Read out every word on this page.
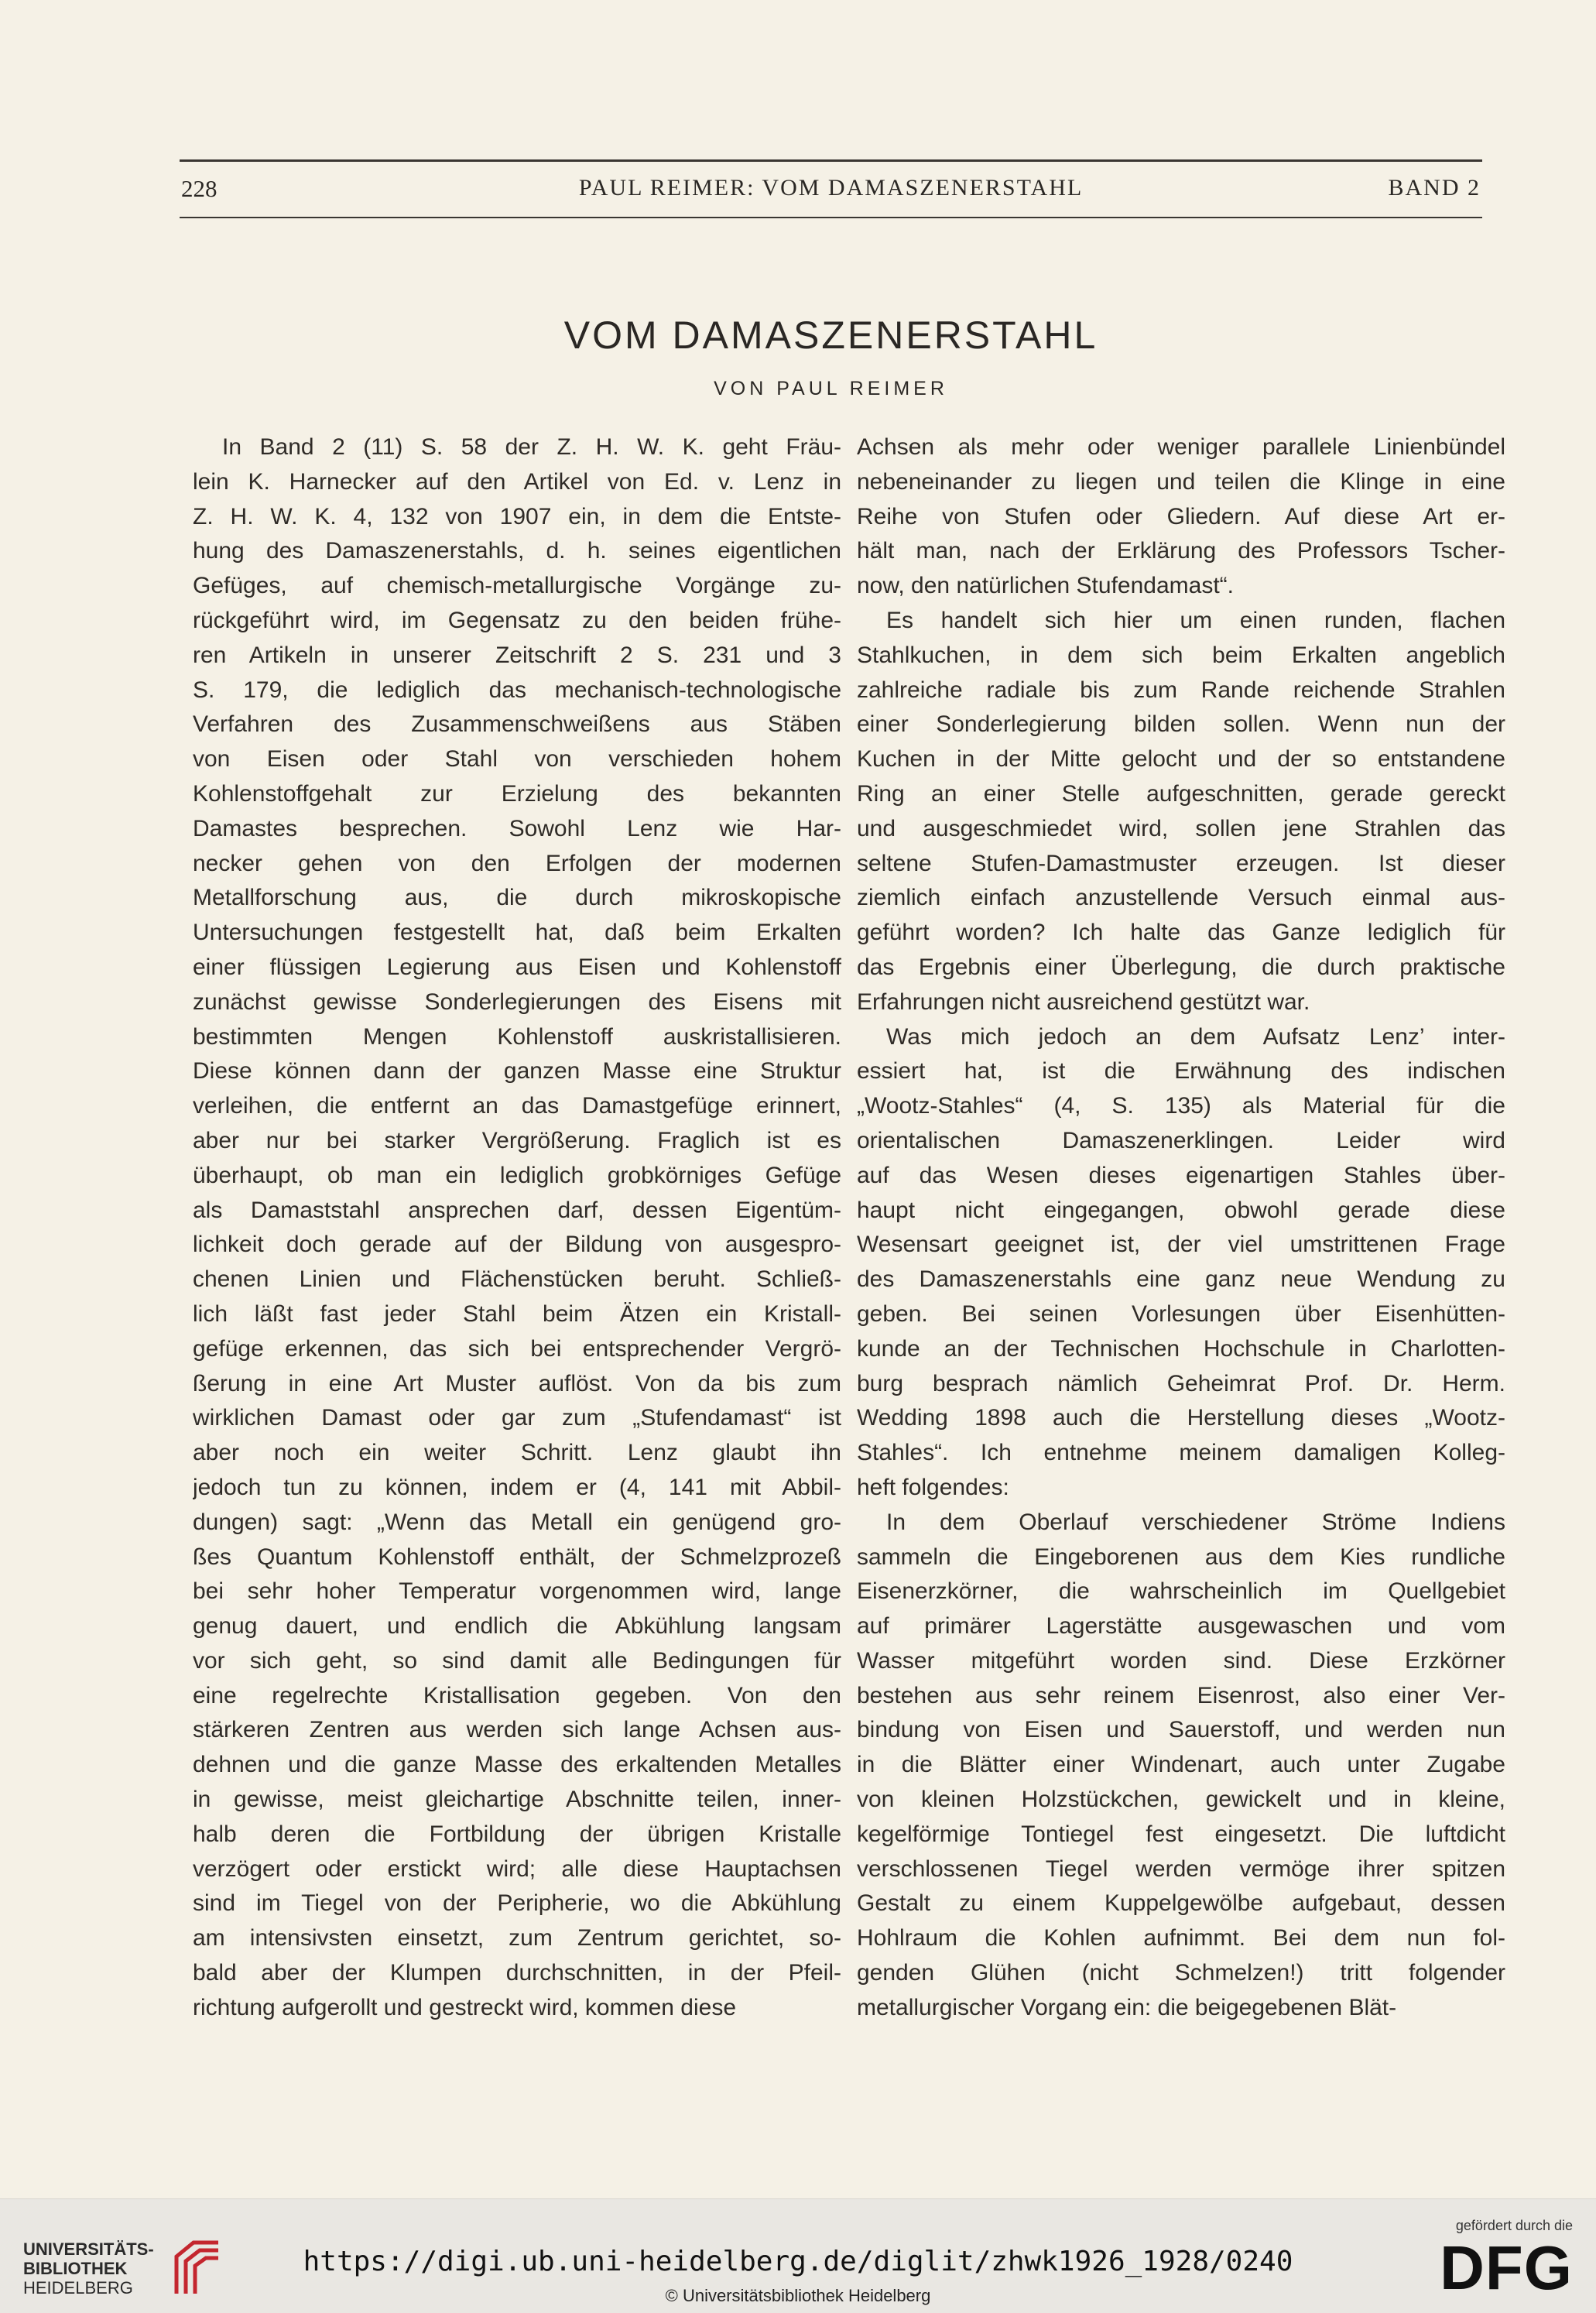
228	PAUL REIMER: VOM DAMASZENERSTAHL	BAND 2
VOM DAMASZENERSTAHL
VON PAUL REIMER
In Band 2 (11) S. 58 der Z. H. W. K. geht Fräu-
lein K. Harnecker auf den Artikel von Ed. v. Lenz in
Z. H. W. K. 4, 132 von 1907 ein, in dem die Entste-
hung des Damaszenerstahls, d. h. seines eigentlichen
Gefüges, auf chemisch-metallurgische Vorgänge zu-
rückgeführt wird, im Gegensatz zu den beiden frühe-
ren Artikeln in unserer Zeitschrift 2 S. 231 und 3
S. 179, die lediglich das mechanisch-technologische
Verfahren des Zusammenschweißens aus Stäben
von Eisen oder Stahl von verschieden hohem
Kohlenstoffgehalt zur Erzielung des bekannten
Damastes besprechen. Sowohl Lenz wie Har-
necker gehen von den Erfolgen der modernen
Metallforschung aus, die durch mikroskopische
Untersuchungen festgestellt hat, daß beim Erkalten
einer flüssigen Legierung aus Eisen und Kohlenstoff
zunächst gewisse Sonderlegierungen des Eisens mit
bestimmten Mengen Kohlenstoff auskristallisieren.
Diese können dann der ganzen Masse eine Struktur
verleihen, die entfernt an das Damastgefüge erinnert,
aber nur bei starker Vergrößerung. Fraglich ist es
überhaupt, ob man ein lediglich grobkörniges Gefüge
als Damaststahl ansprechen darf, dessen Eigentüm-
lichkeit doch gerade auf der Bildung von ausgespro-
chenen Linien und Flächenstücken beruht. Schließ-
lich läßt fast jeder Stahl beim Ätzen ein Kristall-
gefüge erkennen, das sich bei entsprechender Vergrö-
ßerung in eine Art Muster auflöst. Von da bis zum
wirklichen Damast oder gar zum „Stufendamast“ ist
aber noch ein weiter Schritt. Lenz glaubt ihn
jedoch tun zu können, indem er (4, 141 mit Abbil-
dungen) sagt: „Wenn das Metall ein genügend gro-
ßes Quantum Kohlenstoff enthält, der Schmelzprozeß
bei sehr hoher Temperatur vorgenommen wird, lange
genug dauert, und endlich die Abkühlung langsam
vor sich geht, so sind damit alle Bedingungen für
eine regelrechte Kristallisation gegeben. Von den
stärkeren Zentren aus werden sich lange Achsen aus-
dehnen und die ganze Masse des erkaltenden Metalles
in gewisse, meist gleichartige Abschnitte teilen, inner-
halb deren die Fortbildung der übrigen Kristalle
verzögert oder erstickt wird; alle diese Hauptachsen
sind im Tiegel von der Peripherie, wo die Abkühlung
am intensivsten einsetzt, zum Zentrum gerichtet, so-
bald aber der Klumpen durchschnitten, in der Pfeil-
richtung aufgerollt und gestreckt wird, kommen diese
Achsen als mehr oder weniger parallele Linienbündel
nebeneinander zu liegen und teilen die Klinge in eine
Reihe von Stufen oder Gliedern. Auf diese Art er-
hält man, nach der Erklärung des Professors Tscher-
now, den natürlichen Stufendamast“.
Es handelt sich hier um einen runden, flachen
Stahlkuchen, in dem sich beim Erkalten angeblich
zahlreiche radiale bis zum Rande reichende Strahlen
einer Sonderlegierung bilden sollen. Wenn nun der
Kuchen in der Mitte gelocht und der so entstandene
Ring an einer Stelle aufgeschnitten, gerade gereckt
und ausgeschmiedet wird, sollen jene Strahlen das
seltene Stufen-Damastmuster erzeugen. Ist dieser
ziemlich einfach anzustellende Versuch einmal aus-
geführt worden? Ich halte das Ganze lediglich für
das Ergebnis einer Überlegung, die durch praktische
Erfahrungen nicht ausreichend gestützt war.
Was mich jedoch an dem Aufsatz Lenz’ inter-
essiert hat, ist die Erwähnung des indischen
„Wootz-Stahles“ (4, S. 135) als Material für die
orientalischen Damaszenerklingen. Leider wird
auf das Wesen dieses eigenartigen Stahles über-
haupt nicht eingegangen, obwohl gerade diese
Wesensart geeignet ist, der viel umstrittenen Frage
des Damaszenerstahls eine ganz neue Wendung zu
geben. Bei seinen Vorlesungen über Eisenhütten-
kunde an der Technischen Hochschule in Charlotten-
burg besprach nämlich Geheimrat Prof. Dr. Herm.
Wedding 1898 auch die Herstellung dieses „Wootz-
Stahles“. Ich entnehme meinem damaligen Kolleg-
heft folgendes:
In dem Oberlauf verschiedener Ströme Indiens
sammeln die Eingeborenen aus dem Kies rundliche
Eisenerzkörner, die wahrscheinlich im Quellgebiet
auf primärer Lagerstätte ausgewaschen und vom
Wasser mitgeführt worden sind. Diese Erzkörner
bestehen aus sehr reinem Eisenrost, also einer Ver-
bindung von Eisen und Sauerstoff, und werden nun
in die Blätter einer Windenart, auch unter Zugabe
von kleinen Holzstückchen, gewickelt und in kleine,
kegelförmige Tontiegel fest eingesetzt. Die luftdicht
verschlossenen Tiegel werden vermöge ihrer spitzen
Gestalt zu einem Kuppelgewölbe aufgebaut, dessen
Hohlraum die Kohlen aufnimmt. Bei dem nun fol-
genden Glühen (nicht Schmelzen!) tritt folgender
metallurgischer Vorgang ein: die beigegebenen Blät-
UNIVERSITÄTS-
BIBLIOTHEK
HEIDELBERG
https://digi.ub.uni-heidelberg.de/diglit/zhwk1926_1928/0240
© Universitätsbibliothek Heidelberg
gefördert durch die
DFG
